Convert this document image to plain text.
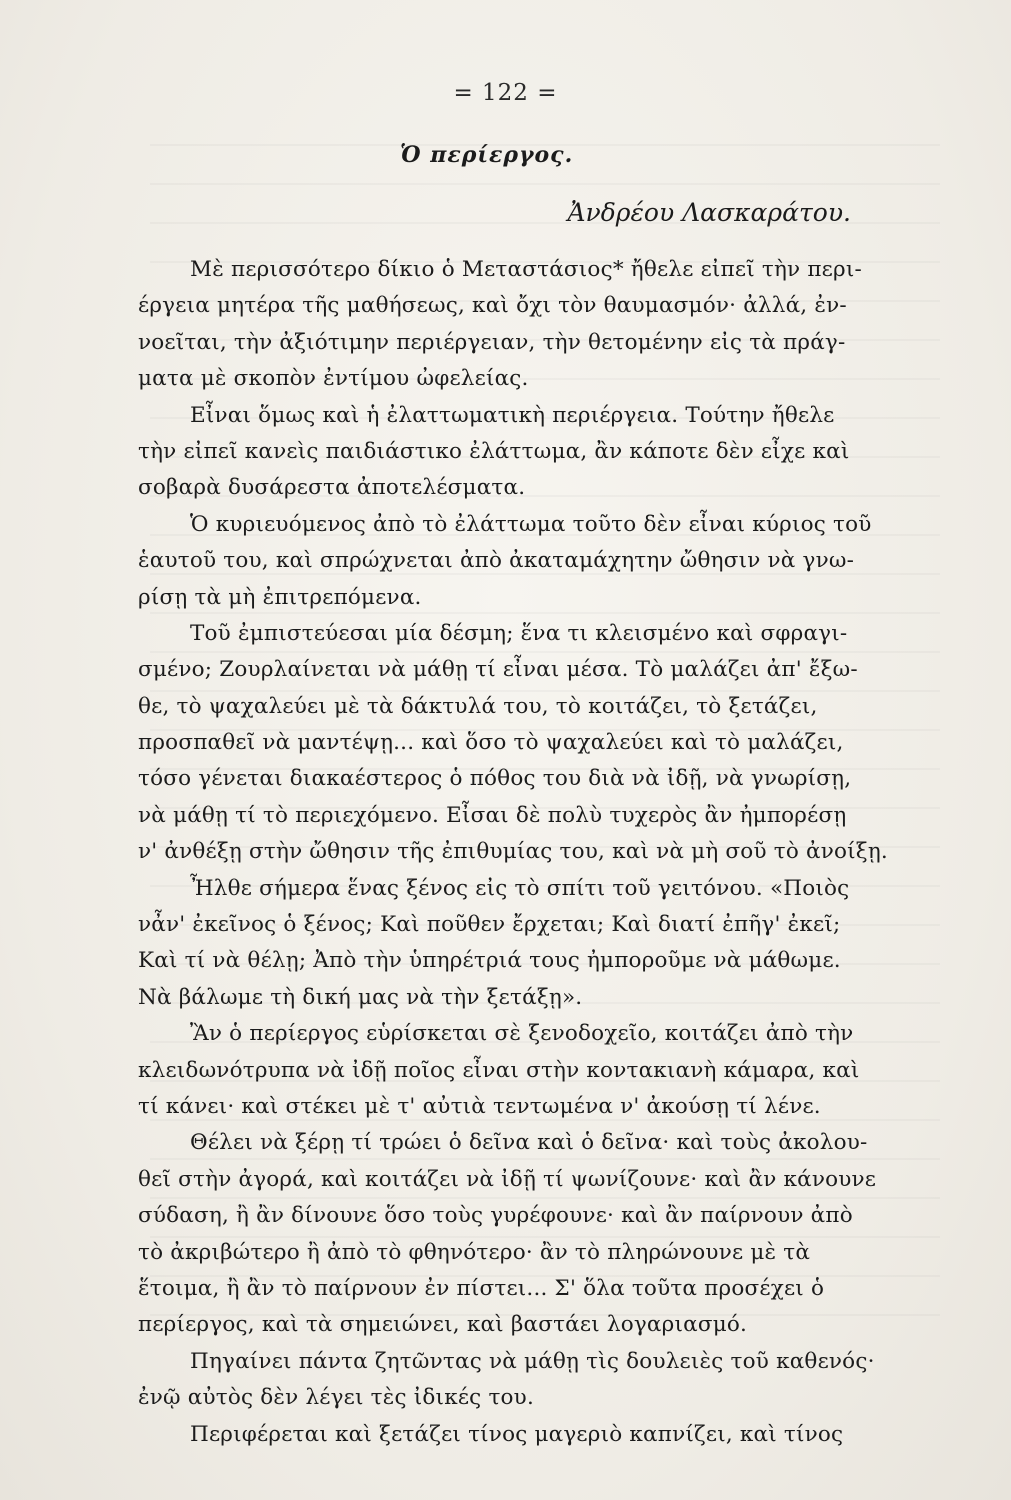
= 122 =
Ὁ περίεργος.
Ἀνδρέου Λασκαράτου.
Μὲ περισσότερο δίκιο ὁ Μεταστάσιος* ἤθελε εἰπεῖ τὴν περι-
έργεια μητέρα τῆς μαθήσεως, καὶ ὄχι τὸν θαυμασμόν· ἀλλά, ἐν-
νοεῖται, τὴν ἀξιότιμην περιέργειαν, τὴν θετομένην εἰς τὰ πράγ-
ματα μὲ σκοπὸν ἐντίμου ὠφελείας.
Εἶναι ὅμως καὶ ἡ ἐλαττωματικὴ περιέργεια. Τούτην ἤθελε
τὴν εἰπεῖ κανεὶς παιδιάστικο ἐλάττωμα, ἂν κάποτε δὲν εἶχε καὶ
σοβαρὰ δυσάρεστα ἀποτελέσματα.
Ὁ κυριευόμενος ἀπὸ τὸ ἐλάττωμα τοῦτο δὲν εἶναι κύριος τοῦ
ἑαυτοῦ του, καὶ σπρώχνεται ἀπὸ ἀκαταμάχητην ὤθησιν νὰ γνω-
ρίσῃ τὰ μὴ ἐπιτρεπόμενα.
Τοῦ ἐμπιστεύεσαι μία δέσμη; ἕνα τι κλεισμένο καὶ σφραγι-
σμένο; Ζουρλαίνεται νὰ μάθῃ τί εἶναι μέσα. Τὸ μαλάζει ἀπ' ἔξω-
θε, τὸ ψαχαλεύει μὲ τὰ δάκτυλά του, τὸ κοιτάζει, τὸ ξετάζει,
προσπαθεῖ νὰ μαντέψῃ... καὶ ὅσο τὸ ψαχαλεύει καὶ τὸ μαλάζει,
τόσο γένεται διακαέστερος ὁ πόθος του διὰ νὰ ἰδῇ, νὰ γνωρίσῃ,
νὰ μάθῃ τί τὸ περιεχόμενο. Εἶσαι δὲ πολὺ τυχερὸς ἂν ἠμπορέσῃ
ν' ἀνθέξῃ στὴν ὤθησιν τῆς ἐπιθυμίας του, καὶ νὰ μὴ σοῦ τὸ ἀνοίξῃ.
Ἦλθε σήμερα ἕνας ξένος εἰς τὸ σπίτι τοῦ γειτόνου. «Ποιὸς
νἆν' ἐκεῖνος ὁ ξένος; Καὶ ποῦθεν ἔρχεται; Καὶ διατί ἐπῆγ' ἐκεῖ;
Καὶ τί νὰ θέλῃ; Ἀπὸ τὴν ὑπηρέτριά τους ἠμποροῦμε νὰ μάθωμε.
Νὰ βάλωμε τὴ δική μας νὰ τὴν ξετάξῃ».
Ἂν ὁ περίεργος εὑρίσκεται σὲ ξενοδοχεῖο, κοιτάζει ἀπὸ τὴν
κλειδωνότρυπα νὰ ἰδῇ ποῖος εἶναι στὴν κοντακιανὴ κάμαρα, καὶ
τί κάνει· καὶ στέκει μὲ τ' αὐτιὰ τεντωμένα ν' ἀκούσῃ τί λένε.
Θέλει νὰ ξέρῃ τί τρώει ὁ δεῖνα καὶ ὁ δεῖνα· καὶ τοὺς ἀκολου-
θεῖ στὴν ἀγορά, καὶ κοιτάζει νὰ ἰδῇ τί ψωνίζουνε· καὶ ἂν κάνουνε
σύδαση, ἢ ἂν δίνουνε ὅσο τοὺς γυρέφουνε· καὶ ἂν παίρνουν ἀπὸ
τὸ ἀκριβώτερο ἢ ἀπὸ τὸ φθηνότερο· ἂν τὸ πληρώνουνε μὲ τὰ
ἕτοιμα, ἢ ἂν τὸ παίρνουν ἐν πίστει... Σ' ὅλα τοῦτα προσέχει ὁ
περίεργος, καὶ τὰ σημειώνει, καὶ βαστάει λογαριασμό.
Πηγαίνει πάντα ζητῶντας νὰ μάθῃ τὶς δουλειὲς τοῦ καθενός·
ἐνῷ αὐτὸς δὲν λέγει τὲς ἰδικές του.
Περιφέρεται καὶ ξετάζει τίνος μαγεριὸ καπνίζει, καὶ τίνος
